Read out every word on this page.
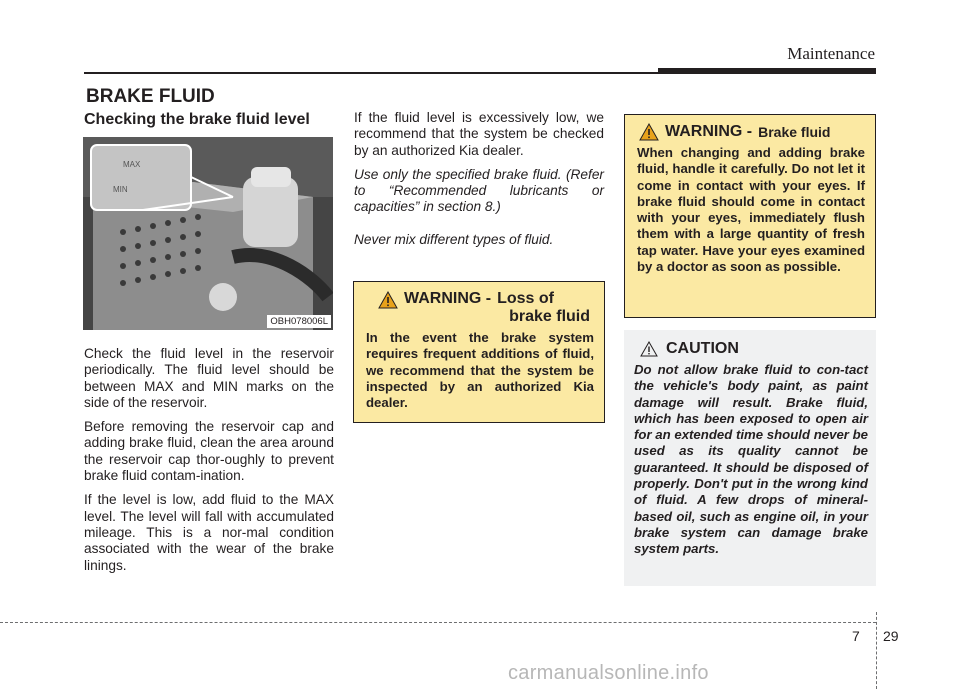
Maintenance
BRAKE FLUID
Checking the brake fluid level
MAX
MIN
OBH078006L

Check the fluid level in the reservoir periodically. The fluid level should be between MAX and MIN marks on the side of the reservoir.

Before removing the reservoir cap and adding brake fluid, clean the area around the reservoir cap thor-oughly to prevent brake fluid contam-ination.

If the level is low, add fluid to the MAX level. The level will fall with accumulated mileage. This is a nor-mal condition associated with the wear of the brake linings.

If the fluid level is excessively low, we recommend that the system be checked by an authorized Kia dealer.

Use only the specified brake fluid. (Refer to “Recommended lubricants or capacities” in section 8.)

Never mix different types of fluid.

WARNING - Loss of
brake fluid
In the event the brake system requires frequent additions of fluid, we recommend that the system be inspected by an authorized Kia dealer.
WARNING - Brake fluid
When changing and adding brake fluid, handle it carefully. Do not let it come in contact with your eyes. If brake fluid should come in contact with your eyes, immediately flush them with a large quantity of fresh tap water. Have your eyes examined by a doctor as soon as possible.
CAUTION
Do not allow brake fluid to con-tact the vehicle's body paint, as paint damage will result. Brake fluid, which has been exposed to open air for an extended time should never be used as its quality cannot be guaranteed. It should be disposed of properly. Don't put in the wrong kind of fluid. A few drops of mineral-based oil, such as engine oil, in your brake system can damage brake system parts.
7 29
carmanualsonline.info
